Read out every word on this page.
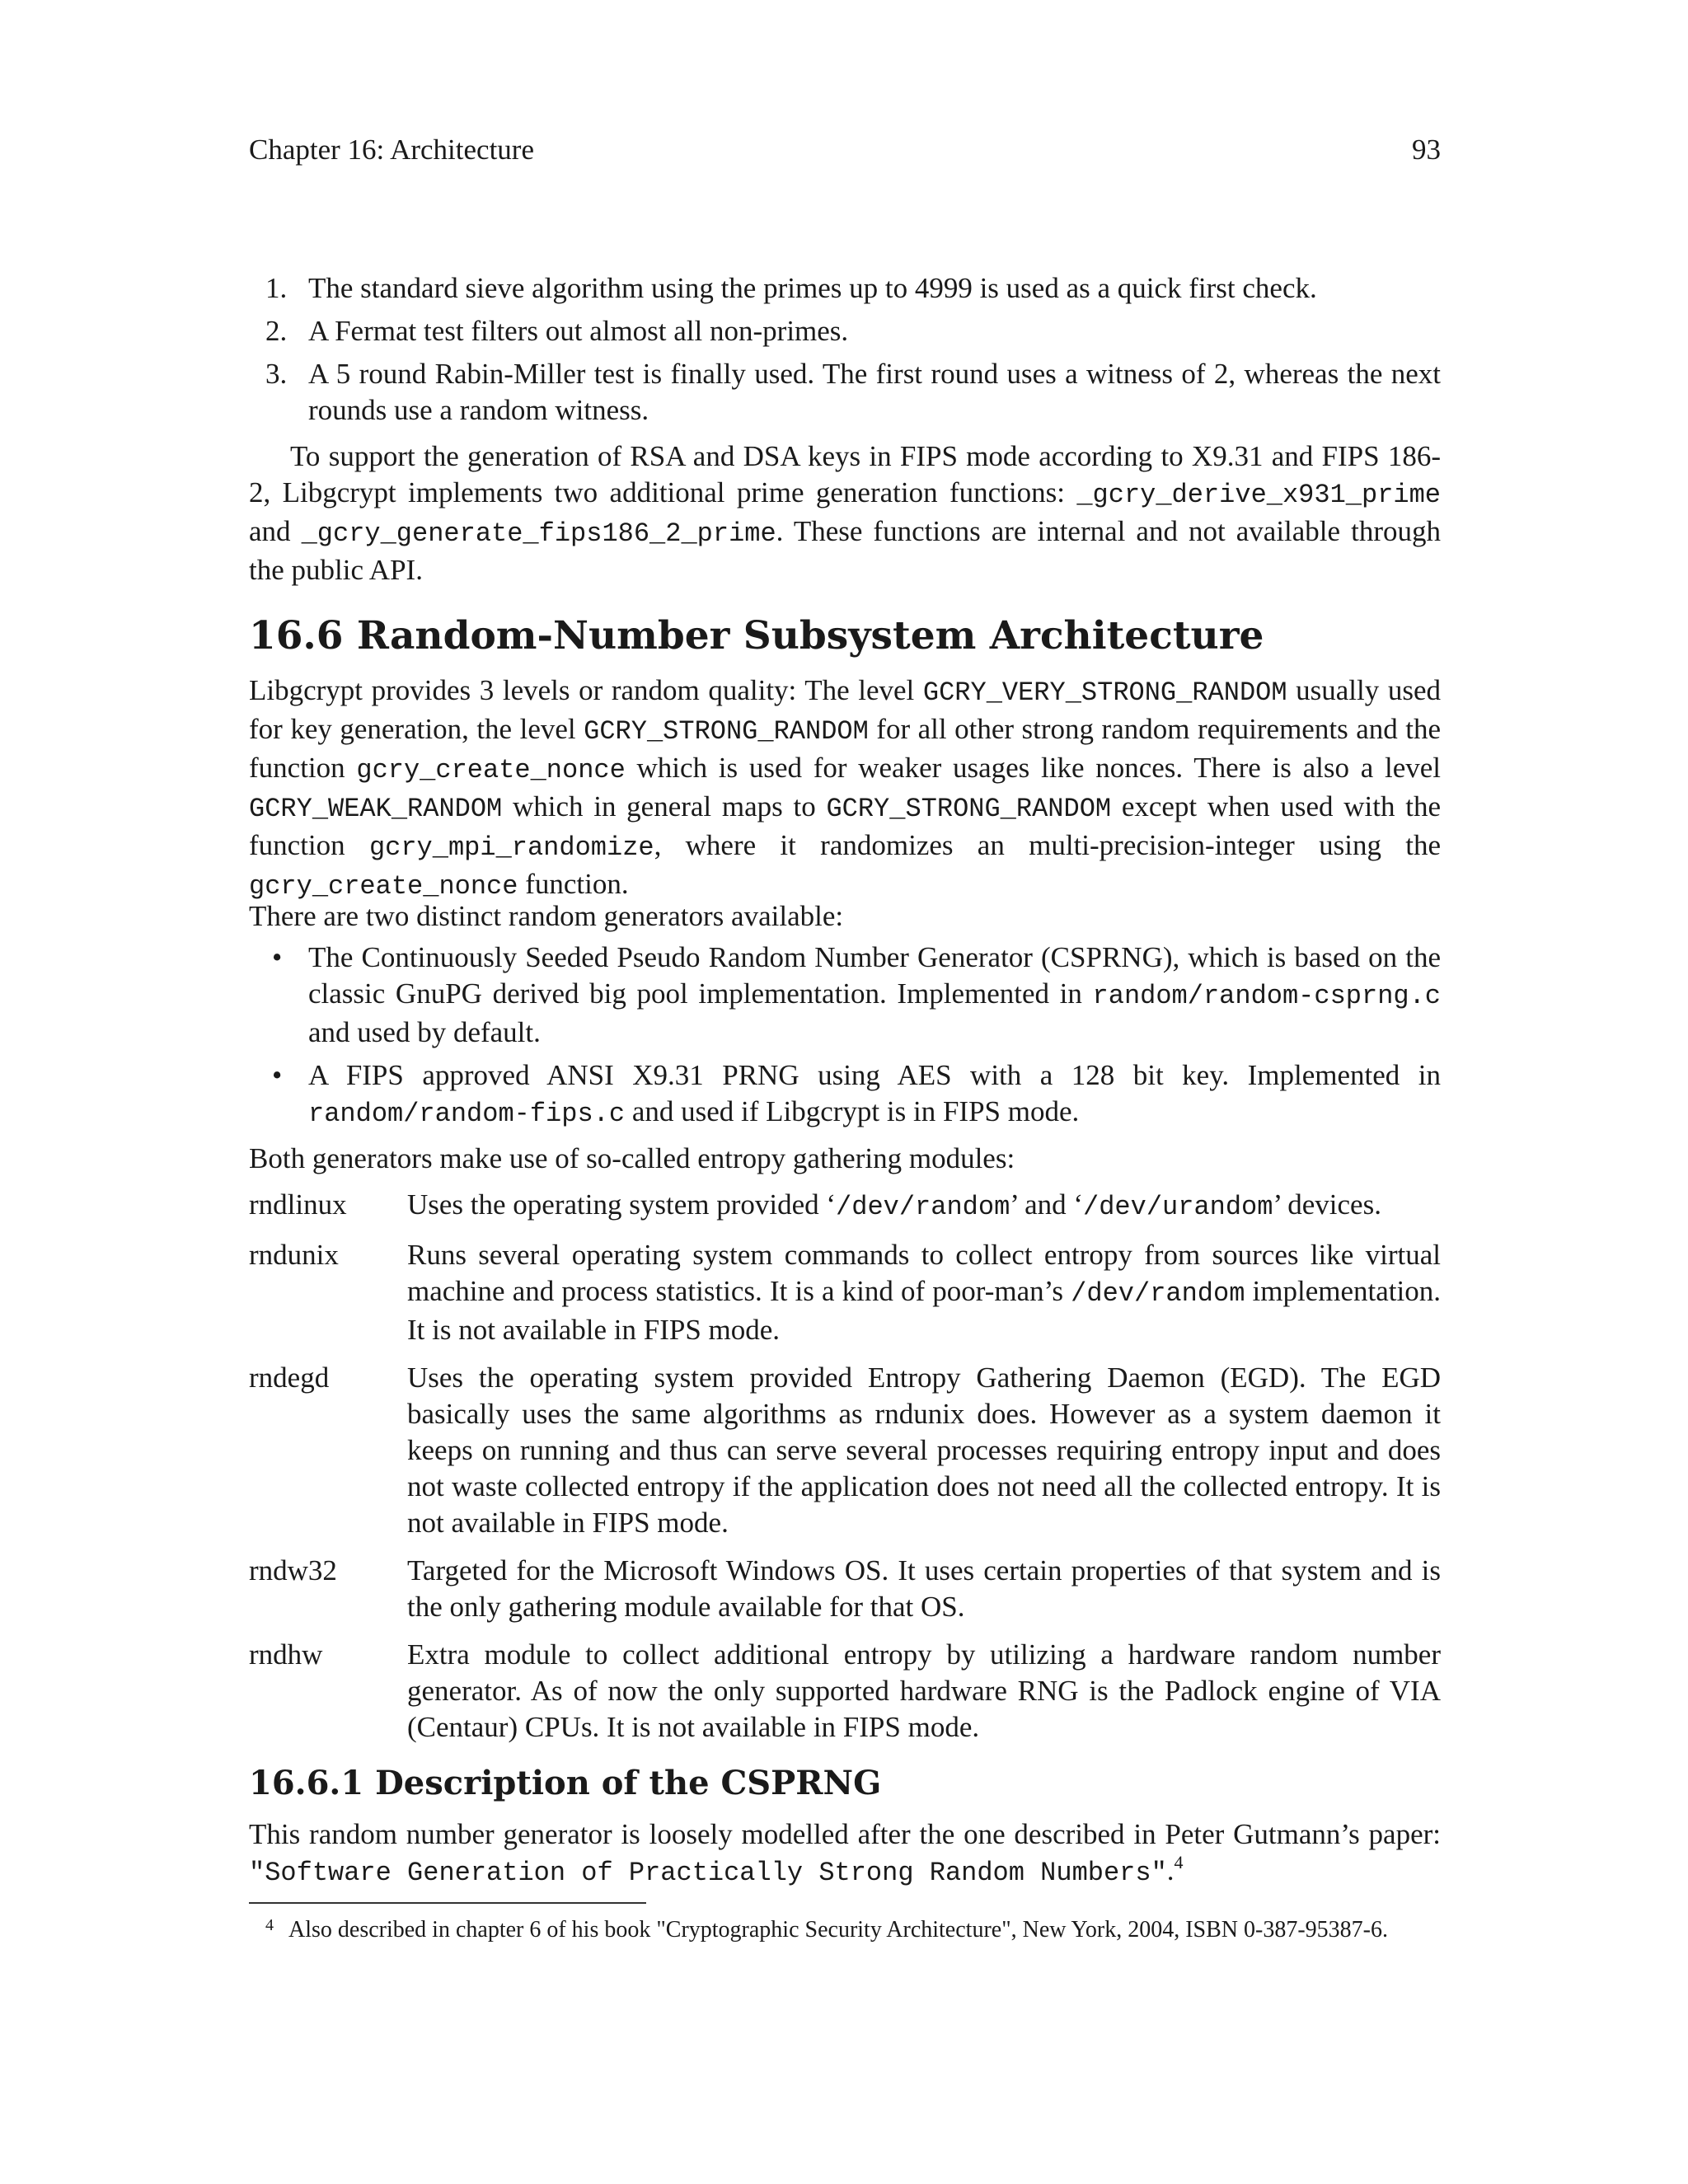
Chapter 16: Architecture	93
1. The standard sieve algorithm using the primes up to 4999 is used as a quick first check.
2. A Fermat test filters out almost all non-primes.
3. A 5 round Rabin-Miller test is finally used. The first round uses a witness of 2, whereas the next rounds use a random witness.

To support the generation of RSA and DSA keys in FIPS mode according to X9.31 and FIPS 186-2, Libgcrypt implements two additional prime generation functions: _gcry_derive_x931_prime and _gcry_generate_fips186_2_prime. These functions are internal and not available through the public API.

16.6 Random-Number Subsystem Architecture

Libgcrypt provides 3 levels or random quality: The level GCRY_VERY_STRONG_RANDOM usually used for key generation, the level GCRY_STRONG_RANDOM for all other strong random requirements and the function gcry_create_nonce which is used for weaker usages like nonces. There is also a level GCRY_WEAK_RANDOM which in general maps to GCRY_STRONG_RANDOM except when used with the function gcry_mpi_randomize, where it randomizes an multi-precision-integer using the gcry_create_nonce function.

There are two distinct random generators available:

• The Continuously Seeded Pseudo Random Number Generator (CSPRNG), which is based on the classic GnuPG derived big pool implementation. Implemented in random/random-csprng.c and used by default.
• A FIPS approved ANSI X9.31 PRNG using AES with a 128 bit key. Implemented in random/random-fips.c and used if Libgcrypt is in FIPS mode.

Both generators make use of so-called entropy gathering modules:

rndlinux	Uses the operating system provided ‘/dev/random’ and ‘/dev/urandom’ devices.
rndunix	Runs several operating system commands to collect entropy from sources like virtual machine and process statistics. It is a kind of poor-man’s /dev/random implementation. It is not available in FIPS mode.
rndegd	Uses the operating system provided Entropy Gathering Daemon (EGD). The EGD basically uses the same algorithms as rndunix does. However as a system daemon it keeps on running and thus can serve several processes requiring entropy input and does not waste collected entropy if the application does not need all the collected entropy. It is not available in FIPS mode.
rndw32	Targeted for the Microsoft Windows OS. It uses certain properties of that system and is the only gathering module available for that OS.
rndhw	Extra module to collect additional entropy by utilizing a hardware random number generator. As of now the only supported hardware RNG is the Padlock engine of VIA (Centaur) CPUs. It is not available in FIPS mode.
16.6.1 Description of the CSPRNG

This random number generator is loosely modelled after the one described in Peter Gutmann’s paper: "Software Generation of Practically Strong Random Numbers".$^4$

4 Also described in chapter 6 of his book "Cryptographic Security Architecture", New York, 2004, ISBN 0-387-95387-6.
